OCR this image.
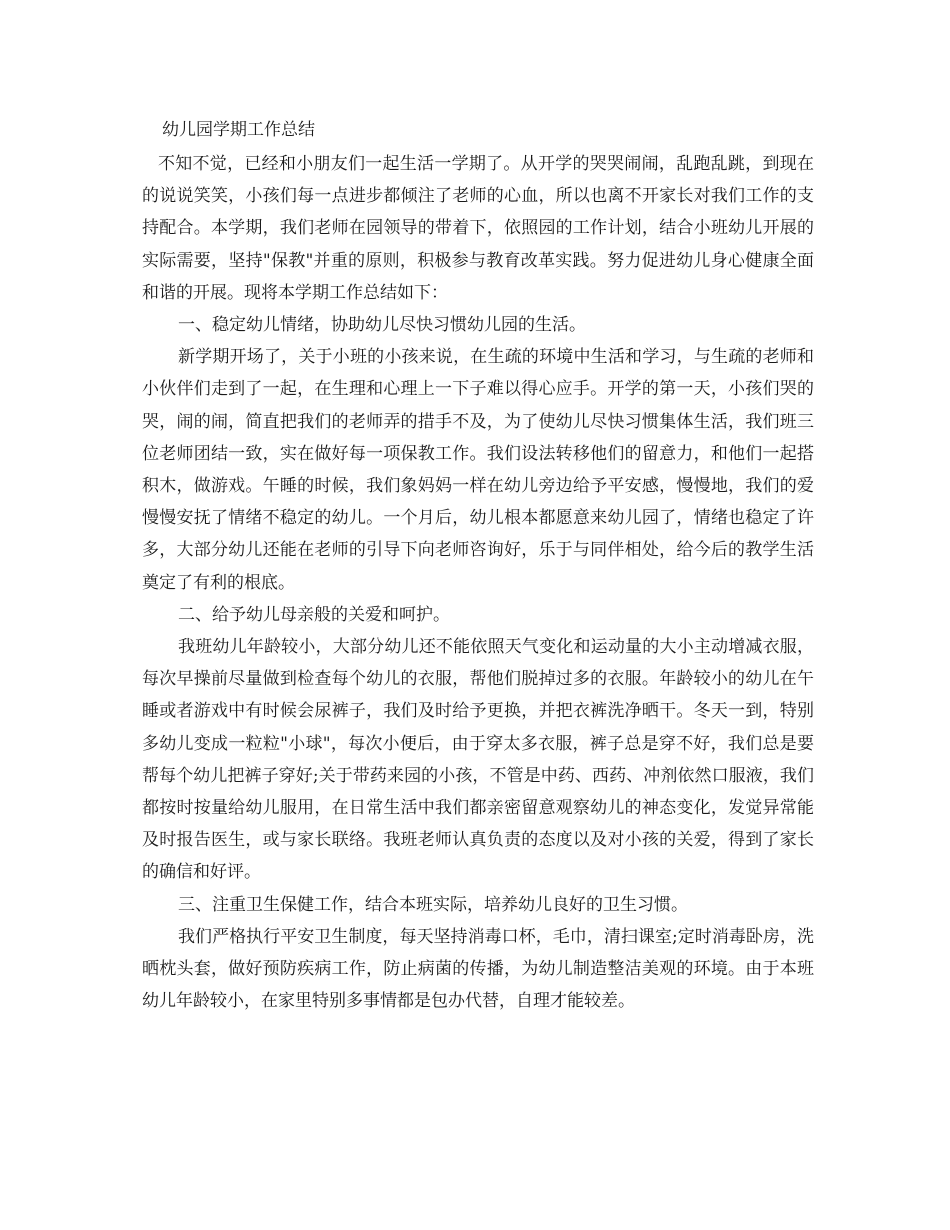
幼儿园学期工作总结

不知不觉，已经和小朋友们一起生活一学期了。从开学的哭哭闹闹，乱跑乱跳，到现在的说说笑笑，小孩们每一点进步都倾注了老师的心血，所以也离不开家长对我们工作的支持配合。本学期，我们老师在园领导的带着下，依照园的工作计划，结合小班幼儿开展的实际需要，坚持"保教"并重的原则，积极参与教育改革实践。努力促进幼儿身心健康全面和谐的开展。现将本学期工作总结如下：

一、稳定幼儿情绪，协助幼儿尽快习惯幼儿园的生活。

新学期开场了，关于小班的小孩来说，在生疏的环境中生活和学习，与生疏的老师和小伙伴们走到了一起，在生理和心理上一下子难以得心应手。开学的第一天，小孩们哭的哭，闹的闹，简直把我们的老师弄的措手不及，为了使幼儿尽快习惯集体生活，我们班三位老师团结一致，实在做好每一项保教工作。我们设法转移他们的留意力，和他们一起搭积木，做游戏。午睡的时候，我们象妈妈一样在幼儿旁边给予平安感，慢慢地，我们的爱慢慢安抚了情绪不稳定的幼儿。一个月后，幼儿根本都愿意来幼儿园了，情绪也稳定了许多，大部分幼儿还能在老师的引导下向老师咨询好，乐于与同伴相处，给今后的教学生活奠定了有利的根底。

二、给予幼儿母亲般的关爱和呵护。

我班幼儿年龄较小，大部分幼儿还不能依照天气变化和运动量的大小主动增减衣服，每次早操前尽量做到检查每个幼儿的衣服，帮他们脱掉过多的衣服。年龄较小的幼儿在午睡或者游戏中有时候会尿裤子，我们及时给予更换，并把衣裤洗净晒干。冬天一到，特别多幼儿变成一粒粒"小球"，每次小便后，由于穿太多衣服，裤子总是穿不好，我们总是要帮每个幼儿把裤子穿好;关于带药来园的小孩，不管是中药、西药、冲剂依然口服液，我们都按时按量给幼儿服用，在日常生活中我们都亲密留意观察幼儿的神态变化，发觉异常能及时报告医生，或与家长联络。我班老师认真负责的态度以及对小孩的关爱，得到了家长的确信和好评。

三、注重卫生保健工作，结合本班实际，培养幼儿良好的卫生习惯。

我们严格执行平安卫生制度，每天坚持消毒口杯，毛巾，清扫课室;定时消毒卧房，洗晒枕头套，做好预防疾病工作，防止病菌的传播，为幼儿制造整洁美观的环境。由于本班幼儿年龄较小，在家里特别多事情都是包办代替，自理才能较差。
